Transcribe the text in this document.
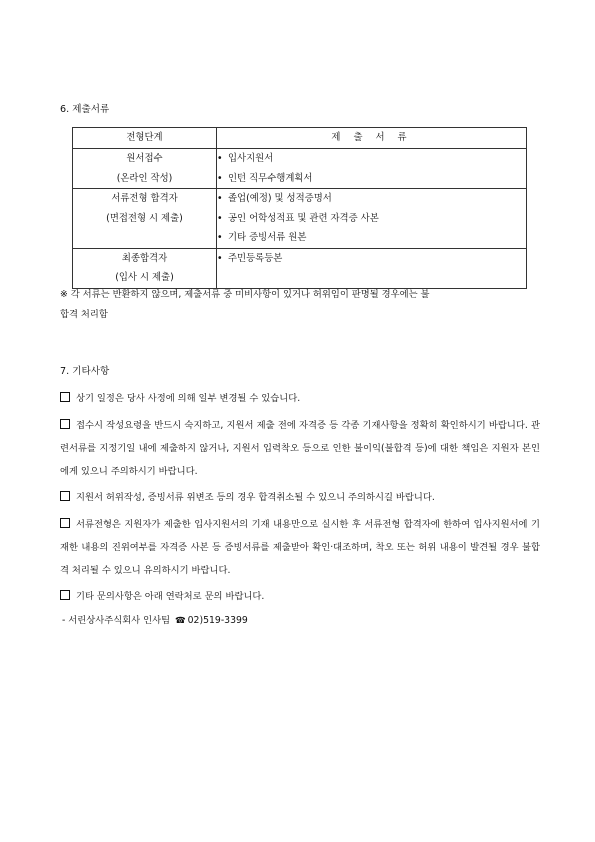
6. 제출서류
전형단계	제 출 서 류

원서접수
(온라인 작성)	• 입사지원서
• 인턴 직무수행계획서

서류전형 합격자
(면접전형 시 제출)	• 졸업(예정) 및 성적증명서
• 공인 어학성적표 및 관련 자격증 사본
• 기타 증빙서류 원본

최종합격자
(입사 시 제출)	• 주민등록등본
※ 각 서류는 반환하지 않으며, 제출서류 중 미비사항이 있거나 허위임이 판명될 경우에는 불
합격 처리함
7. 기타사항
상기 일정은 당사 사정에 의해 일부 변경될 수 있습니다.
접수시 작성요령을 반드시 숙지하고, 지원서 제출 전에 자격증 등 각종 기재사항을 정확히 확인하시기 바랍니다. 관련서류를 지정기일 내에 제출하지 않거나, 지원서 입력착오 등으로 인한 불이익(불합격 등)에 대한 책임은 지원자 본인에게 있으니 주의하시기 바랍니다.
지원서 허위작성, 증빙서류 위변조 등의 경우 합격취소될 수 있으니 주의하시길 바랍니다.
서류전형은 지원자가 제출한 입사지원서의 기재 내용만으로 실시한 후 서류전형 합격자에 한하여 입사지원서에 기재한 내용의 진위여부를 자격증 사본 등 증빙서류를 제출받아 확인·대조하며, 착오 또는 허위 내용이 발견될 경우 불합격 처리될 수 있으니 유의하시기 바랍니다.
기타 문의사항은 아래 연락처로 문의 바랍니다.
- 서린상사주식회사 인사팀 ☎ 02)519-3399
